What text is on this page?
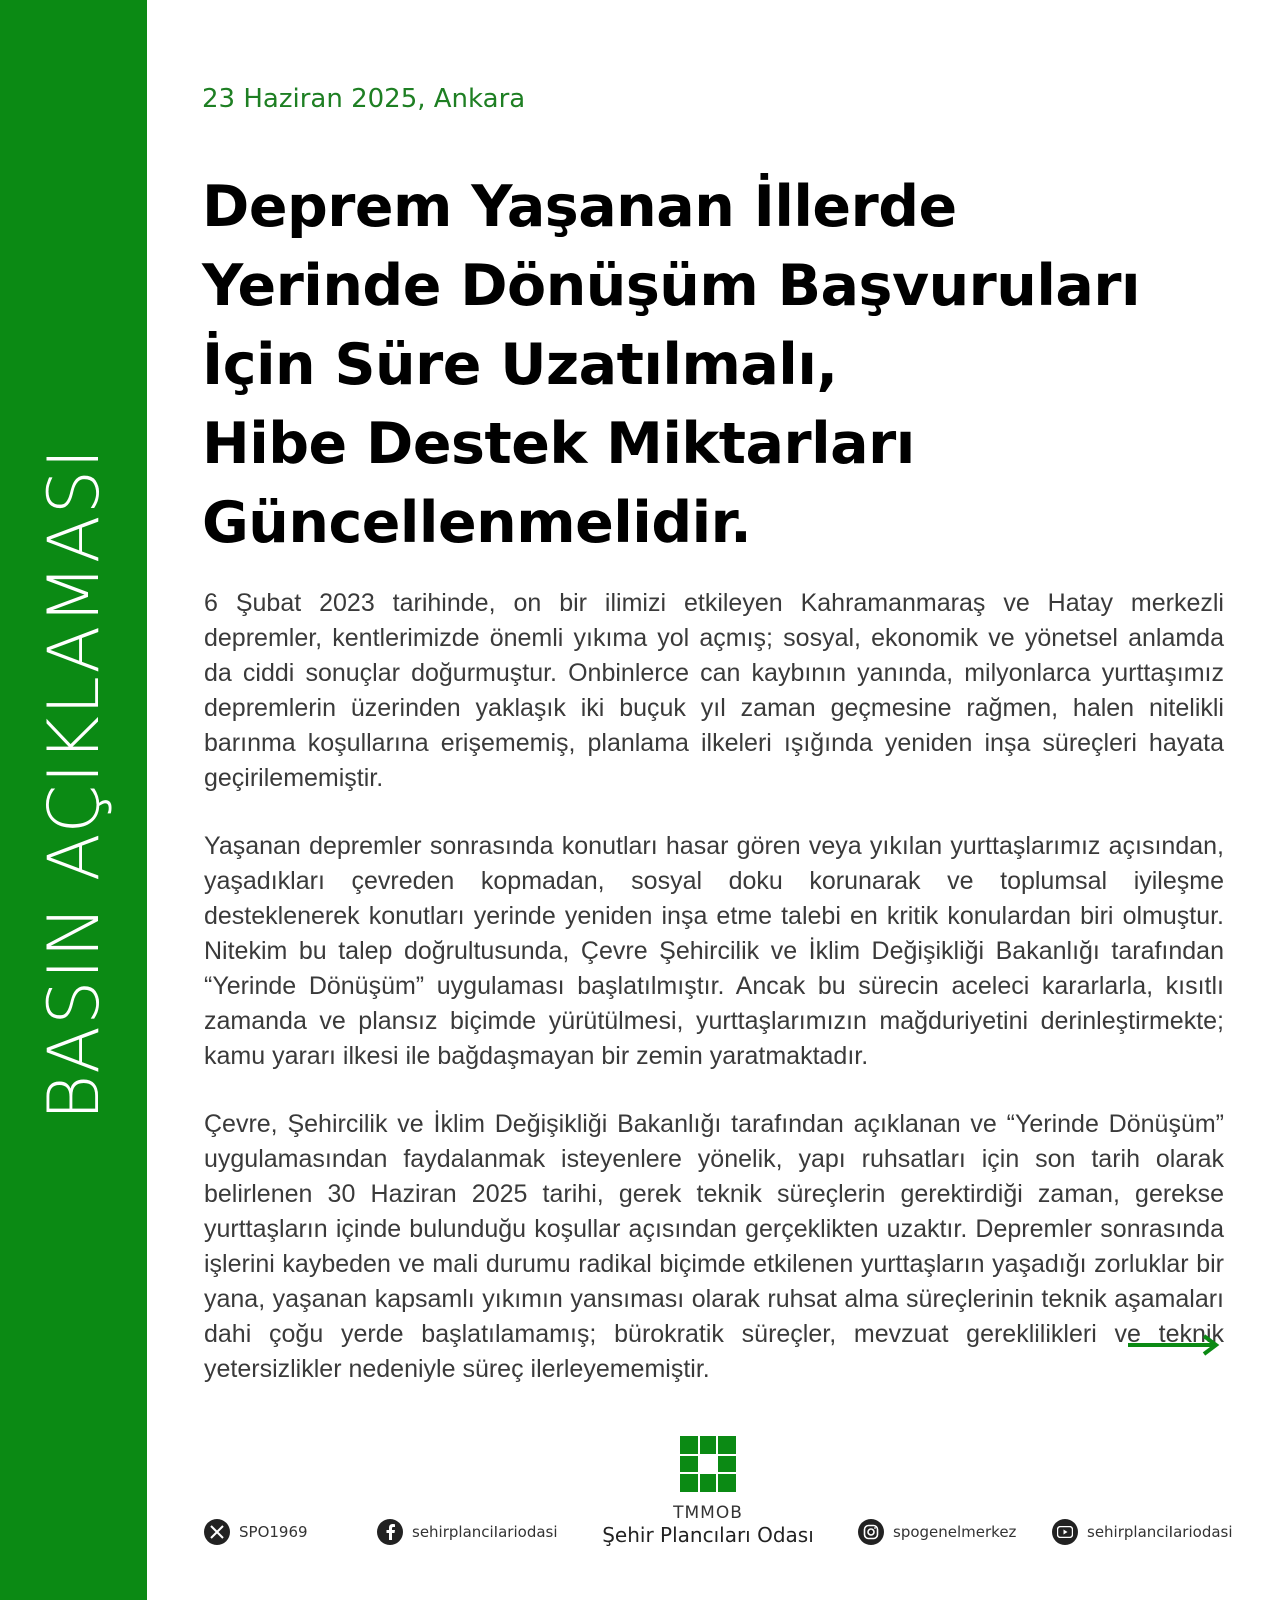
BASIN AÇIKLAMASI
23 Haziran 2025, Ankara
Deprem Yaşanan İllerde
Yerinde Dönüşüm Başvuruları
İçin Süre Uzatılmalı,
Hibe Destek Miktarları
Güncellenmelidir.

6 Şubat 2023 tarihinde, on bir ilimizi etkileyen Kahramanmaraş ve Hatay merkezli depremler, kentlerimizde önemli yıkıma yol açmış; sosyal, ekonomik ve yönetsel anlamda da ciddi sonuçlar doğurmuştur. Onbinlerce can kaybının yanında, milyonlarca yurttaşımız depremlerin üzerinden yaklaşık iki buçuk yıl zaman geçmesine rağmen, halen nitelikli barınma koşullarına erişememiş, planlama ilkeleri ışığında yeniden inşa süreçleri hayata geçirilememiştir.

Yaşanan depremler sonrasında konutları hasar gören veya yıkılan yurttaşlarımız açısından, yaşadıkları çevreden kopmadan, sosyal doku korunarak ve toplumsal iyileşme desteklenerek konutları yerinde yeniden inşa etme talebi en kritik konulardan biri olmuştur. Nitekim bu talep doğrultusunda, Çevre Şehircilik ve İklim Değişikliği Bakanlığı tarafından “Yerinde Dönüşüm” uygulaması başlatılmıştır. Ancak bu sürecin aceleci kararlarla, kısıtlı zamanda ve plansız biçimde yürütülmesi, yurttaşlarımızın mağduriyetini derinleştirmekte; kamu yararı ilkesi ile bağdaşmayan bir zemin yaratmaktadır.

Çevre, Şehircilik ve İklim Değişikliği Bakanlığı tarafından açıklanan ve “Yerinde Dönüşüm” uygulamasından faydalanmak isteyenlere yönelik, yapı ruhsatları için son tarih olarak belirlenen 30 Haziran 2025 tarihi, gerek teknik süreçlerin gerektirdiği zaman, gerekse yurttaşların içinde bulunduğu koşullar açısından gerçeklikten uzaktır. Depremler sonrasında işlerini kaybeden ve mali durumu radikal biçimde etkilenen yurttaşların yaşadığı zorluklar bir yana, yaşanan kapsamlı yıkımın yansıması olarak ruhsat alma süreçlerinin teknik aşamaları dahi çoğu yerde başlatılamamış; bürokratik süreçler, mevzuat gereklilikleri ve teknik yetersizlikler nedeniyle süreç ilerleyememiştir.

TMMOB
Şehir Plancıları Odası
SPO1969	sehirplanciIariodasi	spogenelmerkez	sehirplanciIariodasi
